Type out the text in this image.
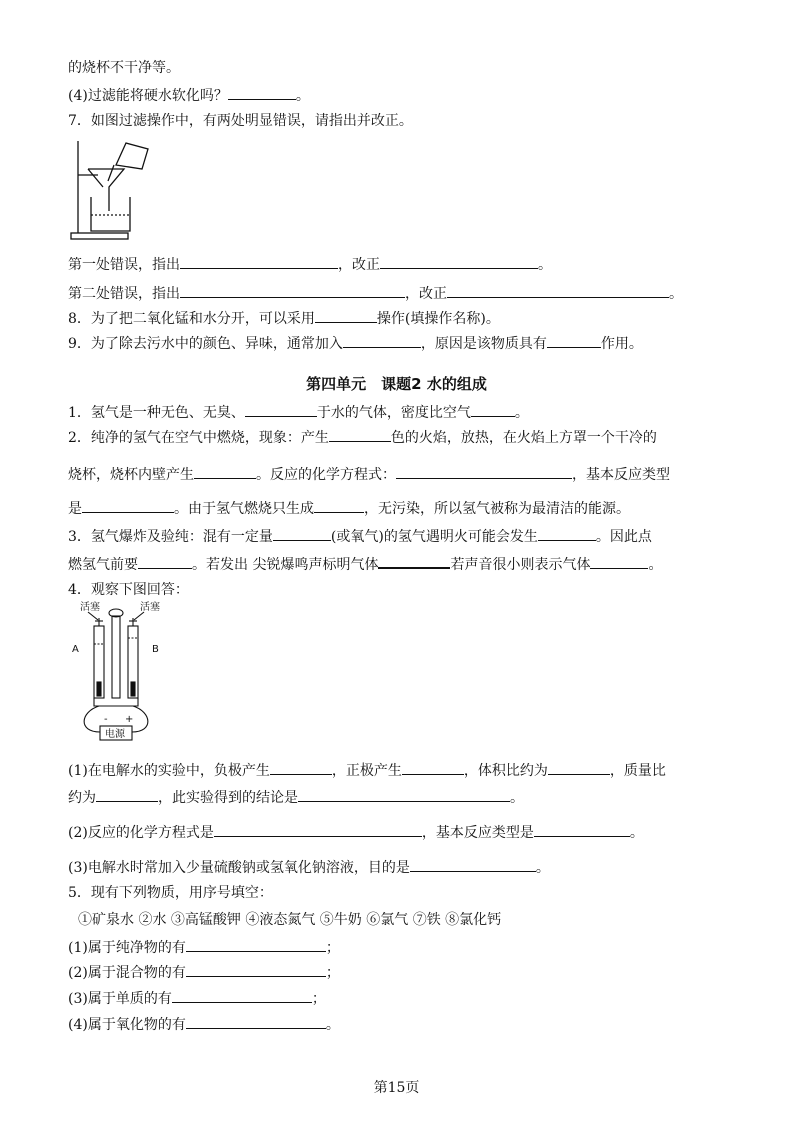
的烧杯不干净等。
(4)过滤能将硬水软化吗？	。
7．如图过滤操作中，有两处明显错误，请指出并改正。
第一处错误，指出	，改正	。
第二处错误，指出	，改正	。
8．为了把二氧化锰和水分开，可以采用	操作(填操作名称)。
9．为了除去污水中的颜色、异味，通常加入	，原因是该物质具有	作用。
第四单元　课题2 水的组成
1．氢气是一种无色、无臭、	于水的气体，密度比空气	。
2．纯净的氢气在空气中燃烧，现象：产生	色的火焰，放热，在火焰上方罩一个干冷的
烧杯，烧杯内壁产生	。反应的化学方程式：	，基本反应类型
是	。由于氢气燃烧只生成	，无污染，所以氢气被称为最清洁的能源。
3．氢气爆炸及验纯：混有一定量	(或氧气)的氢气遇明火可能会发生	。因此点
燃氢气前要	。若发出 尖锐爆鸣声标明气体	若声音很小则表示气体	。
4．观察下图回答：
活塞	活塞
A	B
- +
电源
(1)在电解水的实验中，负极产生	，正极产生	，体积比约为	，质量比
约为	，此实验得到的结论是	。
(2)反应的化学方程式是	，基本反应类型是	。
(3)电解水时常加入少量硫酸钠或氢氧化钠溶液，目的是	。
5．现有下列物质，用序号填空：
①矿泉水 ②水 ③高锰酸钾 ④液态氮气 ⑤牛奶 ⑥氯气 ⑦铁 ⑧氯化钙
(1)属于纯净物的有	；
(2)属于混合物的有	；
(3)属于单质的有	；
(4)属于氧化物的有	。
第15页
